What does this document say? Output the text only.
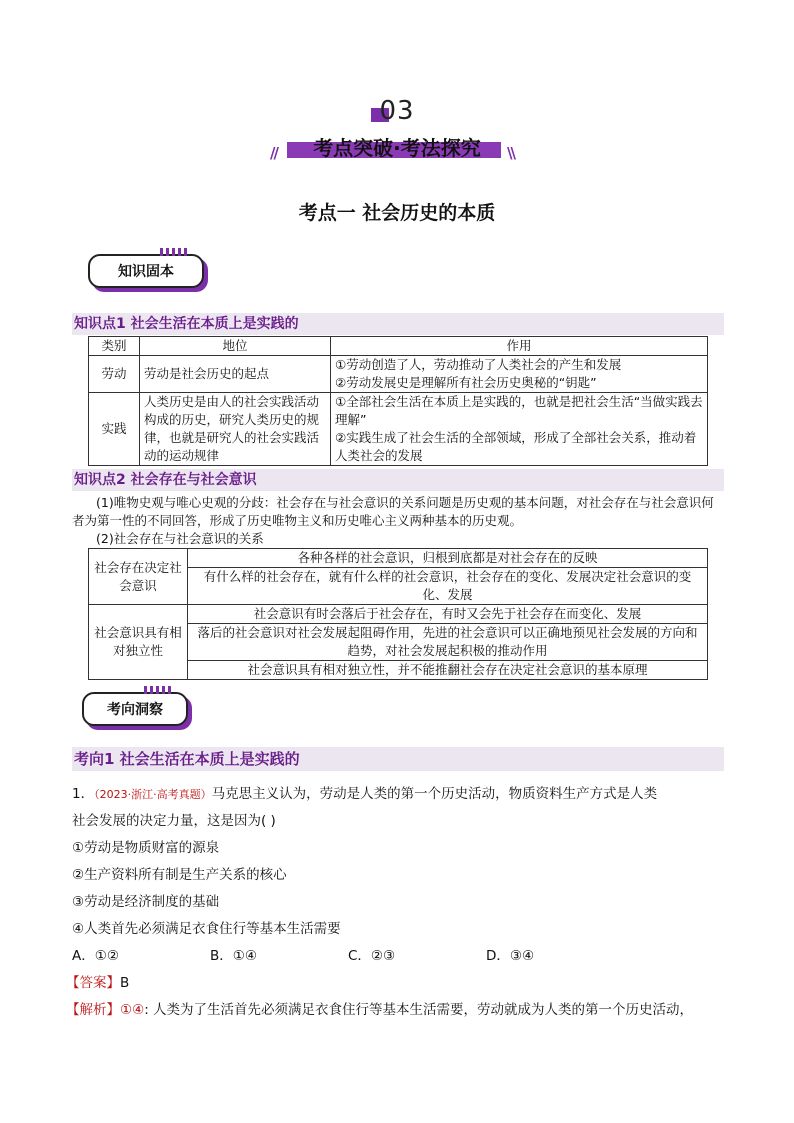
03
//	\\
考点突破·考法探究
考点一 社会历史的本质
知识固本
知识点1 社会生活在本质上是实践的
类别	地位	作用
劳动	劳动是社会历史的起点	①劳动创造了人，劳动推动了人类社会的产生和发展
②劳动发展史是理解所有社会历史奥秘的“钥匙”

实践	人类历史是由人的社会实践活动构成的历史，研究人类历史的规律，也就是研究人的社会实践活动的运动规律	①全部社会生活在本质上是实践的，也就是把社会生活“当做实践去理解”
②实践生成了社会生活的全部领域，形成了全部社会关系，推动着人类社会的发展
知识点2 社会存在与社会意识
(1)唯物史观与唯心史观的分歧：社会存在与社会意识的关系问题是历史观的基本问题，对社会存在与社会意识何者为第一性的不同回答，形成了历史唯物主义和历史唯心主义两种基本的历史观。
(2)社会存在与社会意识的关系
社会存在决定社会意识	各种各样的社会意识，归根到底都是对社会存在的反映
	有什么样的社会存在，就有什么样的社会意识，社会存在的变化、发展决定社会意识的变化、发展
社会意识具有相对独立性	社会意识有时会落后于社会存在，有时又会先于社会存在而变化、发展
	落后的社会意识对社会发展起阻碍作用，先进的社会意识可以正确地预见社会发展的方向和趋势，对社会发展起积极的推动作用
	社会意识具有相对独立性，并不能推翻社会存在决定社会意识的基本原理
考向洞察
考向1 社会生活在本质上是实践的
1．（2023·浙江·高考真题）马克思主义认为，劳动是人类的第一个历史活动，物质资料生产方式是人类
社会发展的决定力量，这是因为( )
①劳动是物质财富的源泉
②生产资料所有制是生产关系的核心
③劳动是经济制度的基础
④人类首先必须满足衣食住行等基本生活需要
A．①②	B．①④	C．②③	D．③④
【答案】B
【解析】①④: 人类为了生活首先必须满足衣食住行等基本生活需要，劳动就成为人类的第一个历史活动，
